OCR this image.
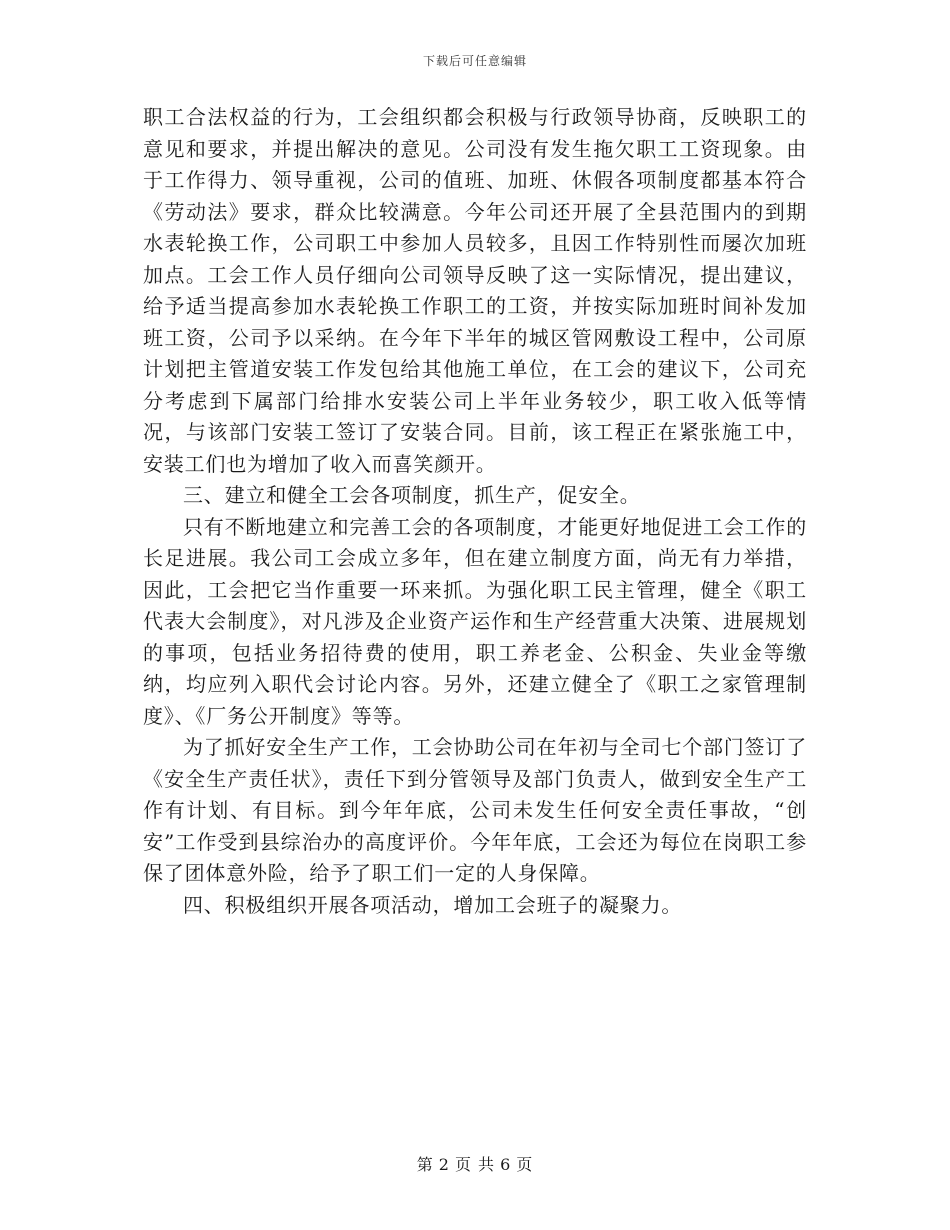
下载后可任意编辑

职工合法权益的行为，工会组织都会积极与行政领导协商，反映职工的意见和要求，并提出解决的意见。公司没有发生拖欠职工工资现象。由于工作得力、领导重视，公司的值班、加班、休假各项制度都基本符合《劳动法》要求，群众比较满意。今年公司还开展了全县范围内的到期水表轮换工作，公司职工中参加人员较多，且因工作特别性而屡次加班加点。工会工作人员仔细向公司领导反映了这一实际情况，提出建议，给予适当提高参加水表轮换工作职工的工资，并按实际加班时间补发加班工资，公司予以采纳。在今年下半年的城区管网敷设工程中，公司原计划把主管道安装工作发包给其他施工单位，在工会的建议下，公司充分考虑到下属部门给排水安装公司上半年业务较少，职工收入低等情况，与该部门安装工签订了安装合同。目前，该工程正在紧张施工中，安装工们也为增加了收入而喜笑颜开。

三、建立和健全工会各项制度，抓生产，促安全。

只有不断地建立和完善工会的各项制度，才能更好地促进工会工作的长足进展。我公司工会成立多年，但在建立制度方面，尚无有力举措，因此，工会把它当作重要一环来抓。为强化职工民主管理，健全《职工代表大会制度》，对凡涉及企业资产运作和生产经营重大决策、进展规划的事项，包括业务招待费的使用，职工养老金、公积金、失业金等缴纳，均应列入职代会讨论内容。另外，还建立健全了《职工之家管理制度》、《厂务公开制度》等等。

为了抓好安全生产工作，工会协助公司在年初与全司七个部门签订了《安全生产责任状》，责任下到分管领导及部门负责人，做到安全生产工作有计划、有目标。到今年年底，公司未发生任何安全责任事故，“创安”工作受到县综治办的高度评价。今年年底，工会还为每位在岗职工参保了团体意外险，给予了职工们一定的人身保障。

四、积极组织开展各项活动，增加工会班子的凝聚力。

第 2 页 共 6 页
